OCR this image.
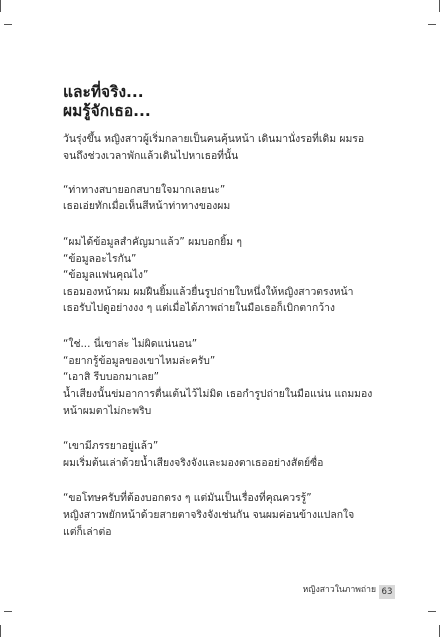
และที่จริง...
ผมรู้จักเธอ...
วันรุ่งขึ้น หญิงสาวผู้เริ่มกลายเป็นคนคุ้นหน้า เดินมานั่งรอที่เดิม ผมรอ
จนถึงช่วงเวลาพักแล้วเดินไปหาเธอที่นั้น
“ท่าทางสบายอกสบายใจมากเลยนะ”
เธอเอ่ยทักเมื่อเห็นสีหน้าท่าทางของผม
“ผมได้ข้อมูลสำคัญมาแล้ว” ผมบอกยิ้ม ๆ
“ข้อมูลอะไรกัน”
“ข้อมูลแฟนคุณไง”
เธอมองหน้าผม ผมฝืนยิ้มแล้วยื่นรูปถ่ายใบหนึ่งให้หญิงสาวตรงหน้า
เธอรับไปดูอย่างงง ๆ แต่เมื่อได้ภาพถ่ายในมือเธอก็เบิกตากว้าง
“ใช่... นี่เขาล่ะ ไม่ผิดแน่นอน”
“อยากรู้ข้อมูลของเขาไหมล่ะครับ”
“เอาสิ รีบบอกมาเลย”
น้ำเสียงนั้นข่มอาการตื่นเต้นไว้ไม่มิด เธอกำรูปถ่ายในมือแน่น แถมมอง
หน้าผมตาไม่กะพริบ
“เขามีภรรยาอยู่แล้ว”
ผมเริ่มต้นเล่าด้วยน้ำเสียงจริงจังและมองตาเธออย่างสัตย์ซื่อ
“ขอโทษครับที่ต้องบอกตรง ๆ แต่มันเป็นเรื่องที่คุณควรรู้”
หญิงสาวพยักหน้าด้วยสายตาจริงจังเช่นกัน จนผมค่อนข้างแปลกใจ
แต่ก็เล่าต่อ
หญิงสาวในภาพถ่าย 63
